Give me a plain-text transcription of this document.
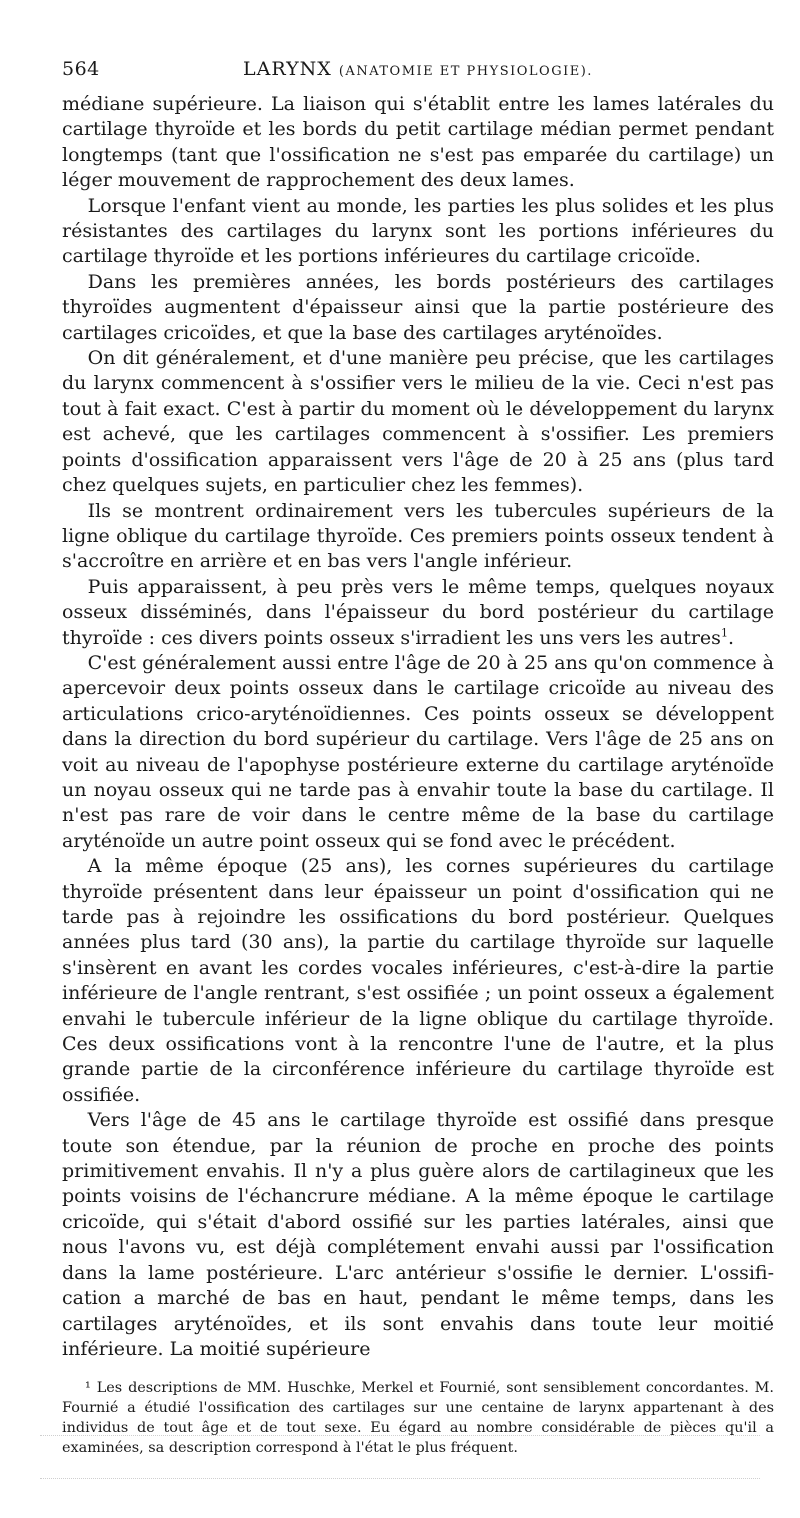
564	LARYNX (ANATOMIE ET PHYSIOLOGIE).

médiane supérieure. La liaison qui s'établit entre les lames latérales du cartilage thyroïde et les bords du petit cartilage médian permet pendant longtemps (tant que l'ossification ne s'est pas emparée du cartilage) un léger mouvement de rapprochement des deux lames.

Lorsque l'enfant vient au monde, les parties les plus solides et les plus résistantes des cartilages du larynx sont les portions inférieures du cartilage thyroïde et les portions inférieures du cartilage cricoïde.

Dans les premières années, les bords postérieurs des cartilages thyroïdes augmentent d'épaisseur ainsi que la partie postérieure des cartilages cricoïdes, et que la base des cartilages aryténoïdes.

On dit généralement, et d'une manière peu précise, que les cartilages du larynx commencent à s'ossifier vers le milieu de la vie. Ceci n'est pas tout à fait exact. C'est à partir du moment où le développement du larynx est achevé, que les cartilages commencent à s'ossifier. Les premiers points d'ossification apparaissent vers l'âge de 20 à 25 ans (plus tard chez quelques sujets, en particulier chez les femmes).

Ils se montrent ordinairement vers les tubercules supérieurs de la ligne oblique du cartilage thyroïde. Ces premiers points osseux tendent à s'accroître en arrière et en bas vers l'angle inférieur.

Puis apparaissent, à peu près vers le même temps, quelques noyaux osseux disséminés, dans l'épaisseur du bord postérieur du cartilage thyroïde : ces divers points osseux s'irradient les uns vers les autres$^1$.

C'est généralement aussi entre l'âge de 20 à 25 ans qu'on commence à apercevoir deux points osseux dans le cartilage cricoïde au niveau des articulations crico-aryténoïdiennes. Ces points osseux se développent dans la direction du bord supérieur du cartilage. Vers l'âge de 25 ans on voit au niveau de l'apophyse postérieure externe du cartilage aryténoïde un noyau osseux qui ne tarde pas à envahir toute la base du cartilage. Il n'est pas rare de voir dans le centre même de la base du cartilage aryténoïde un autre point osseux qui se fond avec le précédent.

A la même époque (25 ans), les cornes supérieures du cartilage thyroïde présentent dans leur épaisseur un point d'ossification qui ne tarde pas à rejoindre les ossifications du bord postérieur. Quelques années plus tard (30 ans), la partie du cartilage thyroïde sur laquelle s'insèrent en avant les cordes vocales inférieures, c'est-à-dire la partie inférieure de l'angle rentrant, s'est ossifiée ; un point osseux a également envahi le tubercule inférieur de la ligne oblique du cartilage thyroïde. Ces deux ossifications vont à la rencontre l'une de l'autre, et la plus grande partie de la circonférence inférieure du cartilage thyroïde est ossifiée.

Vers l'âge de 45 ans le cartilage thyroïde est ossifié dans presque toute son étendue, par la réunion de proche en proche des points primitivement envahis. Il n'y a plus guère alors de cartilagineux que les points voisins de l'échancrure médiane. A la même époque le cartilage cricoïde, qui s'était d'abord ossifié sur les parties latérales, ainsi que nous l'avons vu, est déjà complétement envahi aussi par l'ossification dans la lame postérieure. L'arc antérieur s'ossifie le dernier. L'ossification a marché de bas en haut, pendant le même temps, dans les cartilages aryténoïdes, et ils sont envahis dans toute leur moitié inférieure. La moitié supérieure

¹ Les descriptions de MM. Huschke, Merkel et Fournié, sont sensiblement concordantes. M. Fournié a étudié l'ossification des cartilages sur une centaine de larynx appartenant à des individus de tout âge et de tout sexe. Eu égard au nombre considérable de pièces qu'il a examinées, sa description correspond à l'état le plus fréquent.
